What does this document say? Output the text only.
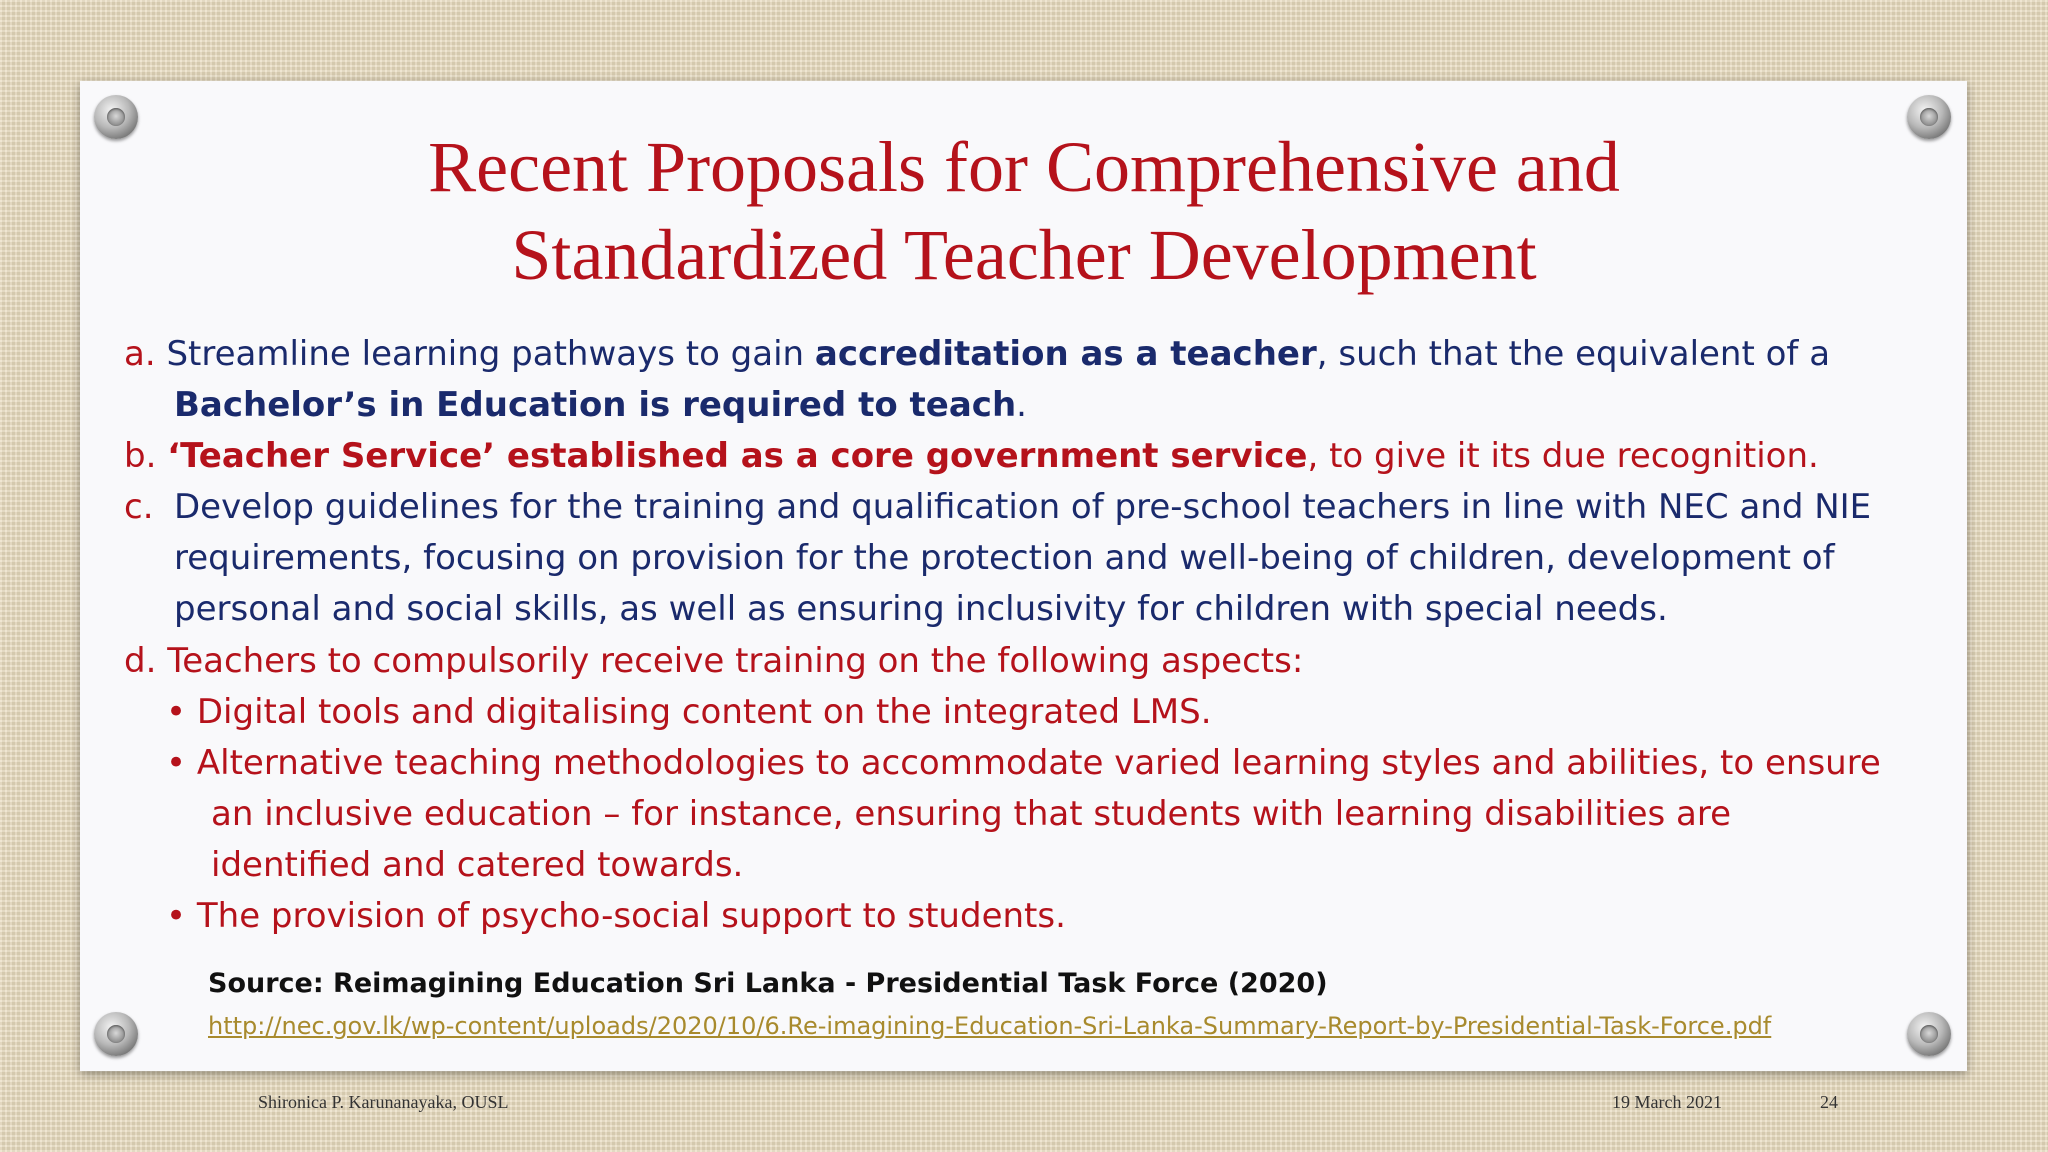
Recent Proposals for Comprehensive and
Standardized Teacher Development
a. Streamline learning pathways to gain accreditation as a teacher, such that the equivalent of a
Bachelor’s in Education is required to teach.
b. ‘Teacher Service’ established as a core government service, to give it its due recognition.
c. Develop guidelines for the training and qualification of pre-school teachers in line with NEC and NIE
requirements, focusing on provision for the protection and well-being of children, development of
personal and social skills, as well as ensuring inclusivity for children with special needs.
d. Teachers to compulsorily receive training on the following aspects:
• Digital tools and digitalising content on the integrated LMS.
• Alternative teaching methodologies to accommodate varied learning styles and abilities, to ensure
an inclusive education – for instance, ensuring that students with learning disabilities are
identified and catered towards.
• The provision of psycho-social support to students.
Source: Reimagining Education Sri Lanka - Presidential Task Force (2020)
http://nec.gov.lk/wp-content/uploads/2020/10/6.Re-imagining-Education-Sri-Lanka-Summary-Report-by-Presidential-Task-Force.pdf
Shironica P. Karunanayaka, OUSL	19 March 2021	24
